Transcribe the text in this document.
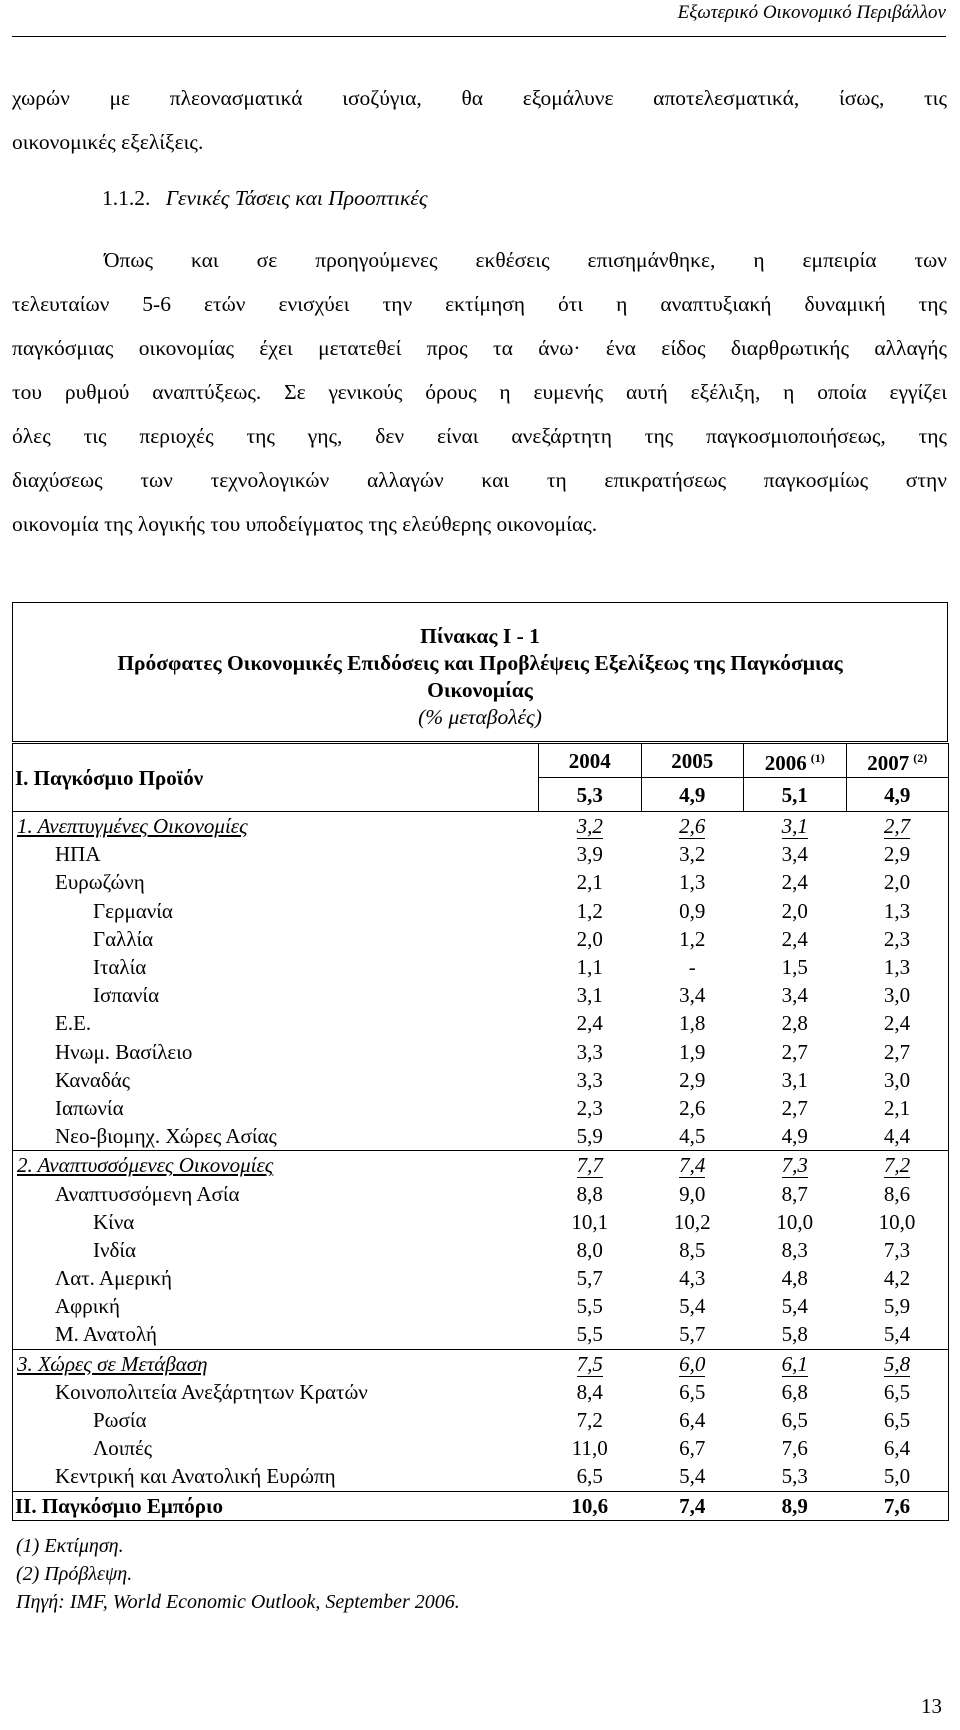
Εξωτερικό Οικονομικό Περιβάλλον
χωρών με πλεονασματικά ισοζύγια, θα εξομάλυνε αποτελεσματικά, ίσως, τις
οικονομικές εξελίξεις.
1.1.2. Γενικές Τάσεις και Προοπτικές
Όπως και σε προηγούμενες εκθέσεις επισημάνθηκε, η εμπειρία των
τελευταίων 5-6 ετών ενισχύει την εκτίμηση ότι η αναπτυξιακή δυναμική της
παγκόσμιας οικονομίας έχει μετατεθεί προς τα άνω· ένα είδος διαρθρωτικής αλλαγής
του ρυθμού αναπτύξεως. Σε γενικούς όρους η ευμενής αυτή εξέλιξη, η οποία εγγίζει
όλες τις περιοχές της γης, δεν είναι ανεξάρτητη της παγκοσμιοποιήσεως, της
διαχύσεως των τεχνολογικών αλλαγών και τη επικρατήσεως παγκοσμίως στην
οικονομία της λογικής του υποδείγματος της ελεύθερης οικονομίας.
Πίνακας Ι - 1
Πρόσφατες Οικονομικές Επιδόσεις και Προβλέψεις Εξελίξεως της Παγκόσμιας
Οικονομίας
(% μεταβολές)
Ι. Παγκόσμιο Προϊόν	2004	2005	2006 $^{(1)}$	2007 $^{(2)}$
	5,3	4,9	5,1	4,9
1. Ανεπτυγμένες Οικονομίες	3,2	2,6	3,1	2,7
ΗΠΑ	3,9	3,2	3,4	2,9
Ευρωζώνη	2,1	1,3	2,4	2,0
Γερμανία	1,2	0,9	2,0	1,3
Γαλλία	2,0	1,2	2,4	2,3
Ιταλία	1,1	-	1,5	1,3
Ισπανία	3,1	3,4	3,4	3,0
Ε.Ε.	2,4	1,8	2,8	2,4
Ηνωμ. Βασίλειο	3,3	1,9	2,7	2,7
Καναδάς	3,3	2,9	3,1	3,0
Ιαπωνία	2,3	2,6	2,7	2,1
Νεο-βιομηχ. Χώρες Ασίας	5,9	4,5	4,9	4,4
2. Αναπτυσσόμενες Οικονομίες	7,7	7,4	7,3	7,2
Αναπτυσσόμενη Ασία	8,8	9,0	8,7	8,6
Κίνα	10,1	10,2	10,0	10,0
Ινδία	8,0	8,5	8,3	7,3
Λατ. Αμερική	5,7	4,3	4,8	4,2
Αφρική	5,5	5,4	5,4	5,9
Μ. Ανατολή	5,5	5,7	5,8	5,4
3. Χώρες σε Μετάβαση	7,5	6,0	6,1	5,8
Κοινοπολιτεία Ανεξάρτητων Κρατών	8,4	6,5	6,8	6,5
Ρωσία	7,2	6,4	6,5	6,5
Λοιπές	11,0	6,7	7,6	6,4
Κεντρική και Ανατολική Ευρώπη	6,5	5,4	5,3	5,0
ΙΙ. Παγκόσμιο Εμπόριο	10,6	7,4	8,9	7,6
(1) Εκτίμηση.
(2) Πρόβλεψη.
Πηγή: IMF, World Economic Outlook, September 2006.
13
